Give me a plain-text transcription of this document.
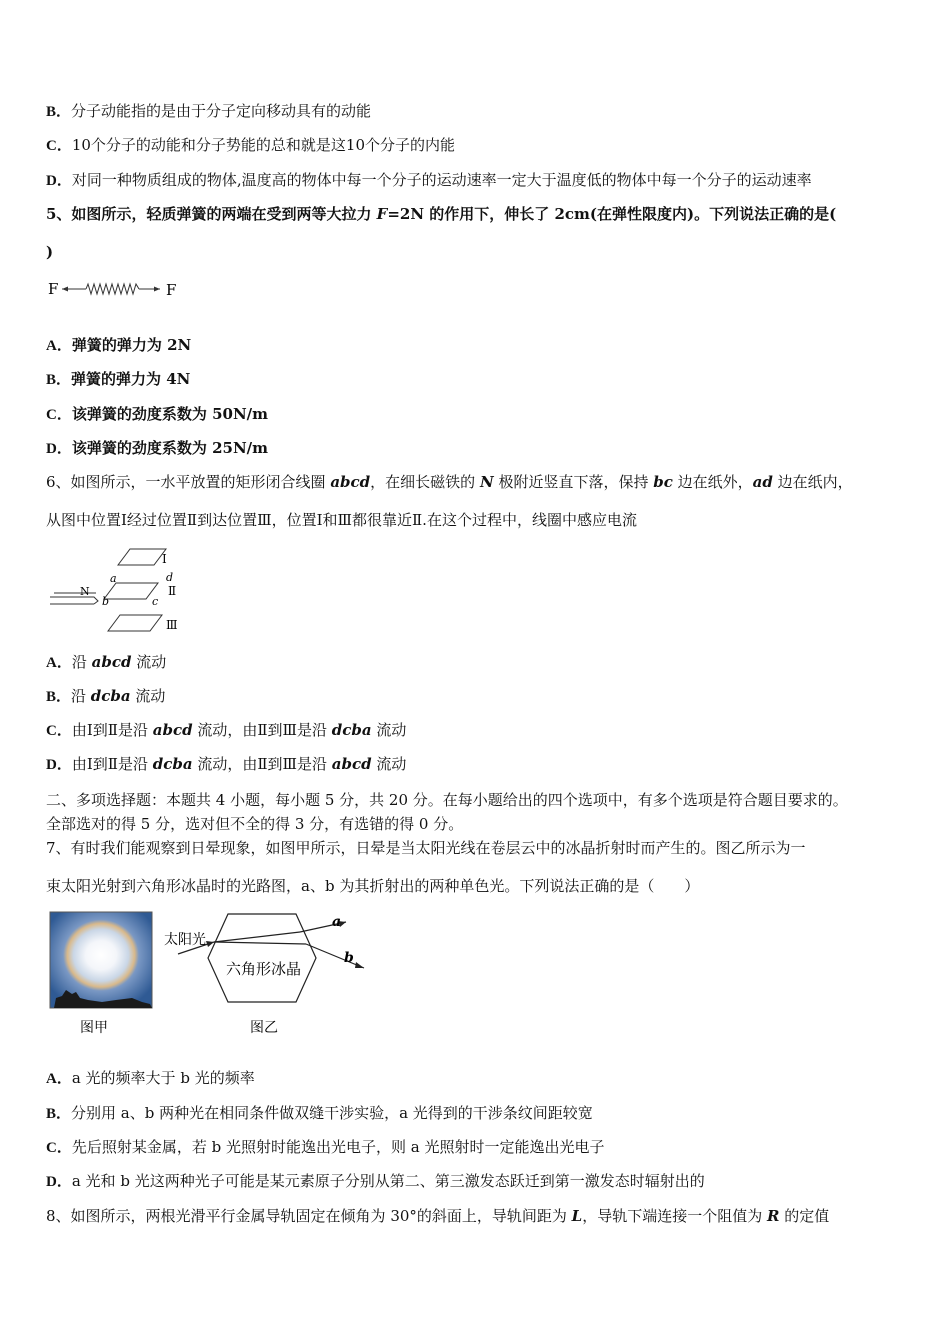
B．分子动能指的是由于分子定向移动具有的动能
C．10个分子的动能和分子势能的总和就是这10个分子的内能
D．对同一种物质组成的物体,温度高的物体中每一个分子的运动速率一定大于温度低的物体中每一个分子的运动速率
5、如图所示，轻质弹簧的两端在受到两等大拉力 F=2N 的作用下，伸长了 2cm(在弹性限度内)。下列说法正确的是(
)
F	F
A．弹簧的弹力为 2N
B．弹簧的弹力为 4N
C．该弹簧的劲度系数为 50N/m
D．该弹簧的劲度系数为 25N/m
6、如图所示，一水平放置的矩形闭合线圈 abcd，在细长磁铁的 N 极附近竖直下落，保持 bc 边在纸外，ad 边在纸内，
从图中位置Ⅰ经过位置Ⅱ到达位置Ⅲ，位置Ⅰ和Ⅲ都很靠近Ⅱ.在这个过程中，线圈中感应电流
Ⅰ
Ⅱ
Ⅲ
N
a
b	c
d
A．沿 abcd 流动
B．沿 dcba 流动
C．由Ⅰ到Ⅱ是沿 abcd 流动，由Ⅱ到Ⅲ是沿 dcba 流动
D．由Ⅰ到Ⅱ是沿 dcba 流动，由Ⅱ到Ⅲ是沿 abcd 流动
二、多项选择题：本题共 4 小题，每小题 5 分，共 20 分。在每小题给出的四个选项中，有多个选项是符合题目要求的。
全部选对的得 5 分，选对但不全的得 3 分，有选错的得 0 分。
7、有时我们能观察到日晕现象，如图甲所示，日晕是当太阳光线在卷层云中的冰晶折射时而产生的。图乙所示为一
束太阳光射到六角形冰晶时的光路图，a、b 为其折射出的两种单色光。下列说法正确的是（　　）
图甲
太阳光
六角形冰晶
a
b
图乙
A．a 光的频率大于 b 光的频率
B．分别用 a、b 两种光在相同条件做双缝干涉实验，a 光得到的干涉条纹间距较宽
C．先后照射某金属，若 b 光照射时能逸出光电子，则 a 光照射时一定能逸出光电子
D．a 光和 b 光这两种光子可能是某元素原子分别从第二、第三激发态跃迁到第一激发态时辐射出的
8、如图所示，两根光滑平行金属导轨固定在倾角为 30°的斜面上，导轨间距为 L，导轨下端连接一个阻值为 R 的定值
